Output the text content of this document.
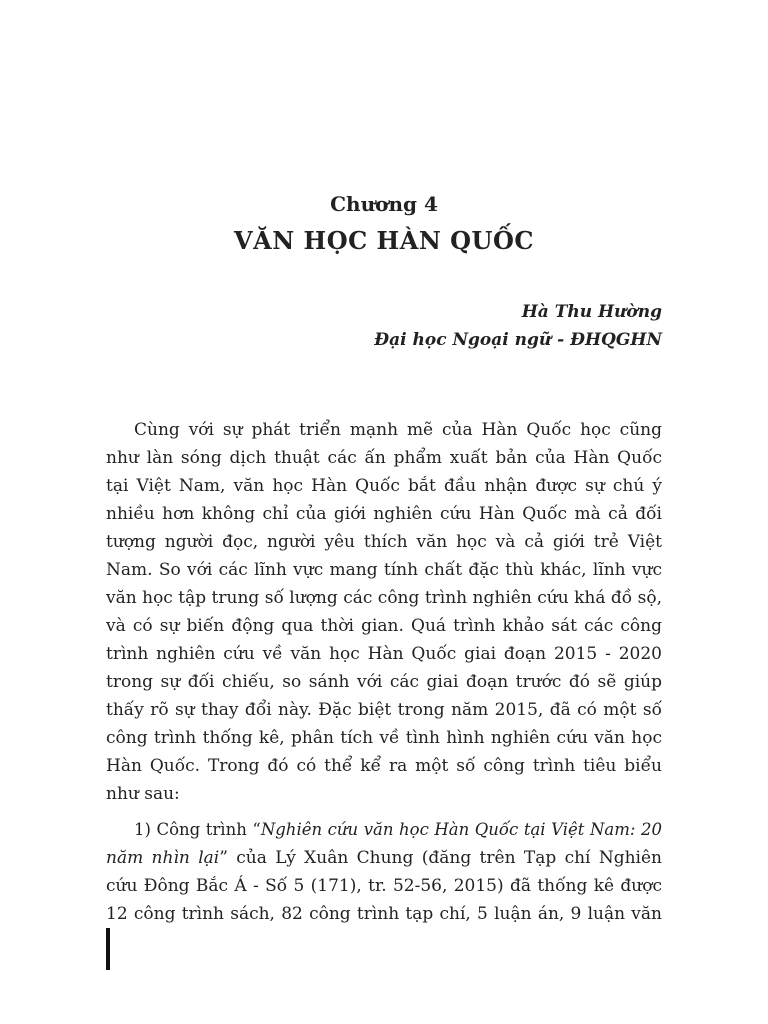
Chương 4
VĂN HỌC HÀN QUỐC
Hà Thu Hường
Đại học Ngoại ngữ - ĐHQGHN
Cùng với sự phát triển mạnh mẽ của Hàn Quốc học cũng
như làn sóng dịch thuật các ấn phẩm xuất bản của Hàn Quốc
tại Việt Nam, văn học Hàn Quốc bắt đầu nhận được sự chú ý
nhiều hơn không chỉ của giới nghiên cứu Hàn Quốc mà cả đối
tượng người đọc, người yêu thích văn học và cả giới trẻ Việt
Nam. So với các lĩnh vực mang tính chất đặc thù khác, lĩnh vực
văn học tập trung số lượng các công trình nghiên cứu khá đồ sộ,
và có sự biến động qua thời gian. Quá trình khảo sát các công
trình nghiên cứu về văn học Hàn Quốc giai đoạn 2015 - 2020
trong sự đối chiếu, so sánh với các giai đoạn trước đó sẽ giúp
thấy rõ sự thay đổi này. Đặc biệt trong năm 2015, đã có một số
công trình thống kê, phân tích về tình hình nghiên cứu văn học
Hàn Quốc. Trong đó có thể kể ra một số công trình tiêu biểu
như sau:
1) Công trình “Nghiên cứu văn học Hàn Quốc tại Việt Nam: 20
năm nhìn lại” của Lý Xuân Chung (đăng trên Tạp chí Nghiên
cứu Đông Bắc Á - Số 5 (171), tr. 52-56, 2015) đã thống kê được
12 công trình sách, 82 công trình tạp chí, 5 luận án, 9 luận văn
